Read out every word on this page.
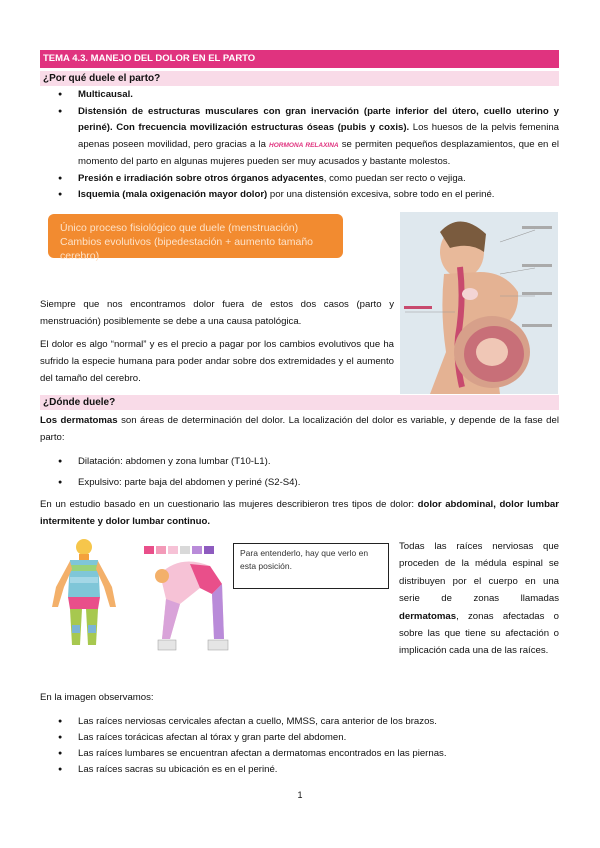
TEMA 4.3. MANEJO DEL DOLOR EN EL PARTO
¿Por qué duele el parto?
● Multicausal.
● Distensión de estructuras musculares con gran inervación (parte inferior del útero, cuello uterino y periné). Con frecuencia movilización estructuras óseas (pubis y coxis). Los huesos de la pelvis femenina apenas poseen movilidad, pero gracias a la HORMONA RELAXINA se permiten pequeños desplazamientos, que en el momento del parto en algunas mujeres pueden ser muy acusados y bastante molestos.
● Presión e irradiación sobre otros órganos adyacentes, como puedan ser recto o vejiga.
● Isquemia (mala oxigenación mayor dolor) por una distensión excesiva, sobre todo en el periné.
Único proceso fisiológico que duele (menstruación)
Cambios evolutivos (bipedestación + aumento tamaño cerebro)
Siempre que nos encontramos dolor fuera de estos dos casos (parto y menstruación) posiblemente se debe a una causa patológica.
El dolor es algo “normal” y es el precio a pagar por los cambios evolutivos que ha sufrido la especie humana para poder andar sobre dos extremidades y el aumento del tamaño del cerebro.
¿Dónde duele?
Los dermatomas son áreas de determinación del dolor. La localización del dolor es variable, y depende de la fase del parto:
● Dilatación: abdomen y zona lumbar (T10-L1).
● Expulsivo: parte baja del abdomen y periné (S2-S4).
En un estudio basado en un cuestionario las mujeres describieron tres tipos de dolor: dolor abdominal, dolor lumbar intermitente y dolor lumbar continuo.
Para entenderlo, hay que verlo en esta posición.
Todas las raíces nerviosas que proceden de la médula espinal se distribuyen por el cuerpo en una serie de zonas llamadas dermatomas, zonas afectadas o sobre las que tiene su afectación o implicación cada una de las raíces.
En la imagen observamos:
● Las raíces nerviosas cervicales afectan a cuello, MMSS, cara anterior de los brazos.
● Las raíces torácicas afectan al tórax y gran parte del abdomen.
● Las raíces lumbares se encuentran afectan a dermatomas encontrados en las piernas.
● Las raíces sacras su ubicación es en el periné.
1
